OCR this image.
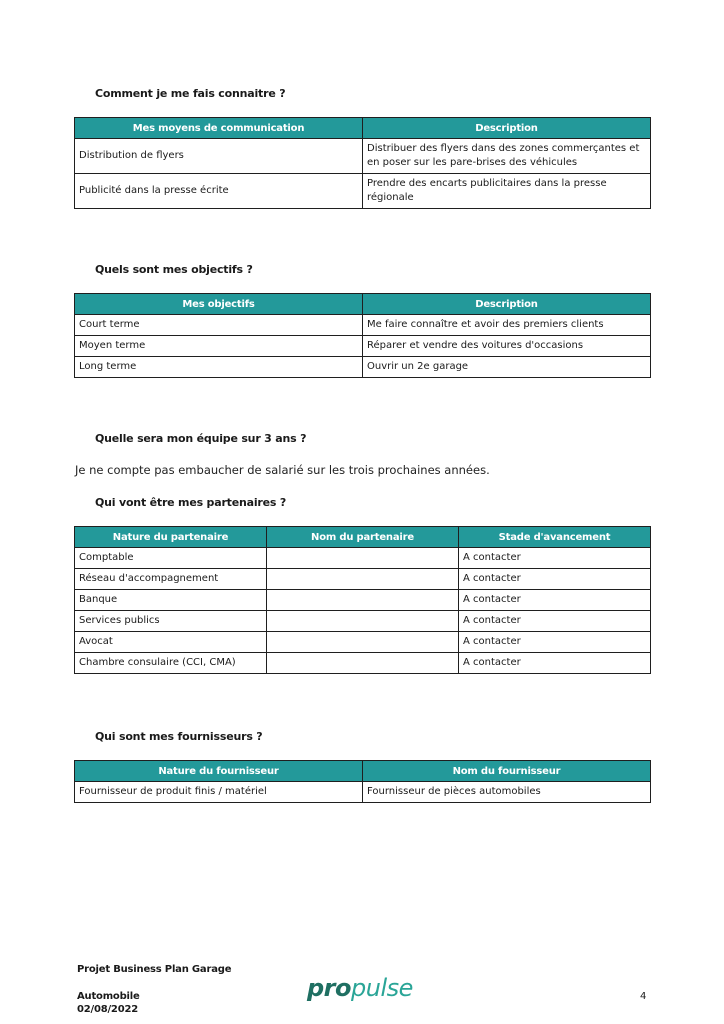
Comment je me fais connaitre ?
Mes moyens de communication	Description
Distribution de flyers	Distribuer des flyers dans des zones commerçantes et en poser sur les pare-brises des véhicules
Publicité dans la presse écrite	Prendre des encarts publicitaires dans la presse régionale
Quels sont mes objectifs ?
Mes objectifs	Description
Court terme	Me faire connaître et avoir des premiers clients
Moyen terme	Réparer et vendre des voitures d'occasions
Long terme	Ouvrir un 2e garage
Quelle sera mon équipe sur 3 ans ?
Je ne compte pas embaucher de salarié sur les trois prochaines années.
Qui vont être mes partenaires ?
Nature du partenaire	Nom du partenaire	Stade d'avancement
Comptable		A contacter
Réseau d'accompagnement		A contacter
Banque		A contacter
Services publics		A contacter
Avocat		A contacter
Chambre consulaire (CCI, CMA)		A contacter
Qui sont mes fournisseurs ?
Nature du fournisseur	Nom du fournisseur
Fournisseur de produit finis / matériel	Fournisseur de pièces automobiles
Projet Business Plan Garage
Automobile
02/08/2022
propulse	4
